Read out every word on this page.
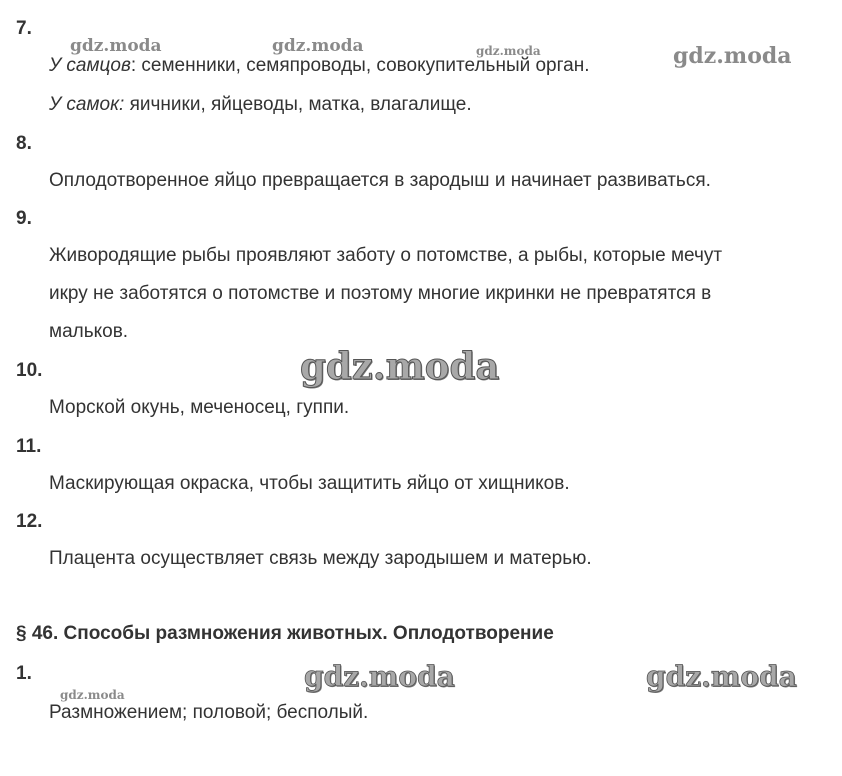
7.

У самцов: семенники, семяпроводы, совокупительный орган.

У самок: яичники, яйцеводы, матка, влагалище.

8.

Оплодотворенное яйцо превращается в зародыш и начинает развиваться.

9.

Живородящие рыбы проявляют заботу о потомстве, а рыбы, которые мечут

икру не заботятся о потомстве и поэтому многие икринки не превратятся в

мальков.

10.

Морской окунь, меченосец, гуппи.

11.

Маскирующая окраска, чтобы защитить яйцо от хищников.

12.

Плацента осуществляет связь между зародышем и матерью.

§ 46. Способы размножения животных. Оплодотворение

1.

Размножением; половой; бесполый.

gdz.moda	gdz.moda	gdz.moda	gdz.moda
gdz.moda
gdz.moda	gdz.moda
gdz.moda
